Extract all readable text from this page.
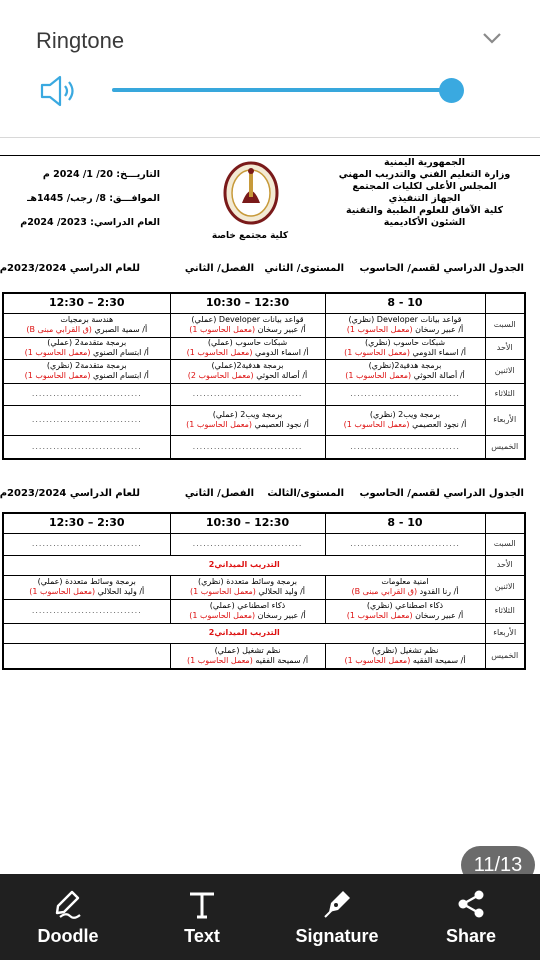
Ringtone
الجمهورية اليمنية
وزارة التعليم الفني والتدريب المهني
المجلس الأعلى لكليات المجتمع
الجهاز التنفيذي
كلية الآفاق للعلوم الطبية والتقنية
الشئون الأكاديمية
كلية مجتمع خاصة
التاريـــخ: 20/ 1/ 2024 م
الموافـــق: 8/ رجب/ 1445هـ
العام الدراسي: 2023/ 2024م
الجدول الدراسي لقسم/ الحاسوب
المستوى/ الثاني
الفصل/ الثاني
للعام الدراسي 2023/2024م
	10 - 8	12:30 – 10:30	2:30 – 12:30
السبت	قواعد بيانات Developer (نظري)
أ/ عبير رسخان (معمل الحاسوب 1)	قواعد بيانات Developer (عملي)
أ/ عبير رسخان (معمل الحاسوب 1)	هندسة برمجيات
أ/ سمية الصبري (ق القرابي مبنى B)

الأحد	شبكات حاسوب (نظري)
أ/ اسماء الدومي (معمل الحاسوب 1)	شبكات حاسوب (عملي)
أ/ اسماء الدومي (معمل الحاسوب 1)	برمجة متقدمة2 (عملي)
أ/ ابتسام الصنوي (معمل الحاسوب 1)

الاثنين	برمجة هدفية2(نظري)
أ/ أصالة الحوثي (معمل الحاسوب 1)	برمجة هدفية2(عملي)
أ/ أصالة الحوثي (معمل الحاسوب 2)	برمجة متقدمة2 (نظري)
أ/ ابتسام الصنوي (معمل الحاسوب 1)

الثلاثاء	...............................	...............................	...............................
الأربعاء	برمجة ويب2 (نظري)
أ/ نجود العصيمي (معمل الحاسوب 1)	برمجة ويب2 (عملي)
أ/ نجود العصيمي (معمل الحاسوب 1)	...............................
الخميس	...............................	...............................	...............................
الجدول الدراسي لقسم/ الحاسوب
المستوى/الثالث
الفصل/ الثاني
للعام الدراسي 2023/2024م
	10 - 8	12:30 – 10:30	2:30 – 12:30
السبت	...............................	...............................	...............................
الأحد	التدريب الميداني2		
الاثنين	امنية معلومات
أ/ رنا القدود (ق القرابي مبنى B)	برمجة وسائط متعددة (نظري)
أ/ وليد الحلالي (معمل الحاسوب 1)	برمجة وسائط متعددة (عملي)
أ/ وليد الحلالي (معمل الحاسوب 1)

الثلاثاء	ذكاء اصطناعي (نظري)
أ/ عبير رسخان (معمل الحاسوب 1)	ذكاء اصطناعي (عملي)
أ/ عبير رسخان (معمل الحاسوب 1)	...............................
الأربعاء	التدريب الميداني2		
الخميس	نظم تشغيل (نظري)
أ/ سميحة الفقيه (معمل الحاسوب 1)	نظم تشغيل (عملي)
أ/ سميحة الفقيه (معمل الحاسوب 1)	

11/13
Doodle	Text	Signature	Share
